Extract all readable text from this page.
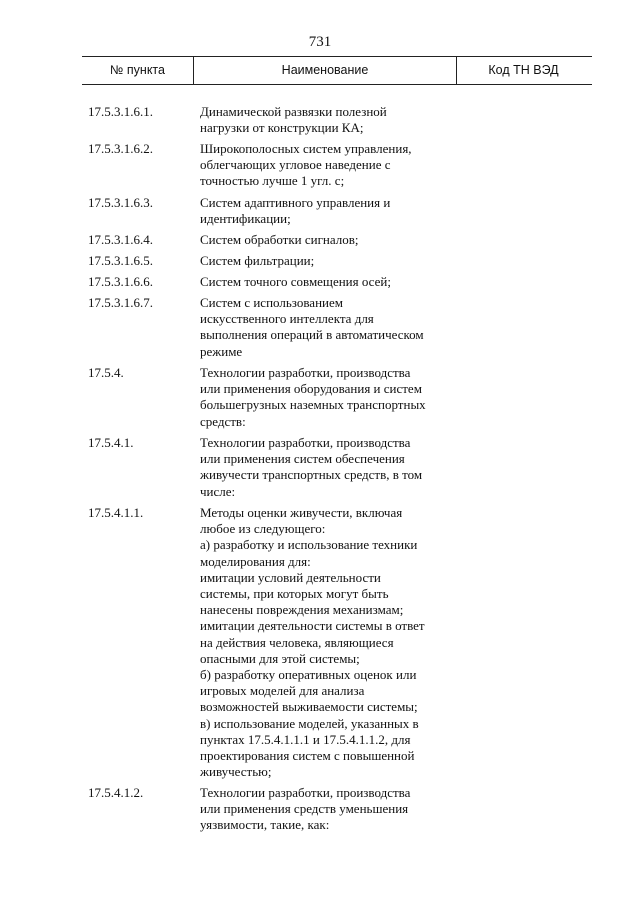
731
№ пункта	Наименование	Код ТН ВЭД
17.5.3.1.6.1.	Динамической развязки полезной
нагрузки от конструкции КА;
17.5.3.1.6.2.	Широкополосных систем управления,
облегчающих угловое наведение с
точностью лучше 1 угл. с;
17.5.3.1.6.3.	Систем адаптивного управления и
идентификации;
17.5.3.1.6.4.	Систем обработки сигналов;
17.5.3.1.6.5.	Систем фильтрации;
17.5.3.1.6.6.	Систем точного совмещения осей;
17.5.3.1.6.7.	Систем с использованием
искусственного интеллекта для
выполнения операций в автоматическом
режиме
17.5.4.	Технологии разработки, производства
или применения оборудования и систем
большегрузных наземных транспортных
средств:
17.5.4.1.	Технологии разработки, производства
или применения систем обеспечения
живучести транспортных средств, в том
числе:
17.5.4.1.1.	Методы оценки живучести, включая
любое из следующего:
а) разработку и использование техники
моделирования для:
имитации условий деятельности
системы, при которых могут быть
нанесены повреждения механизмам;
имитации деятельности системы в ответ
на действия человека, являющиеся
опасными для этой системы;
б) разработку оперативных оценок или
игровых моделей для анализа
возможностей выживаемости системы;
в) использование моделей, указанных в
пунктах 17.5.4.1.1.1 и 17.5.4.1.1.2, для
проектирования систем с повышенной
живучестью;
17.5.4.1.2.	Технологии разработки, производства
или применения средств уменьшения
уязвимости, такие, как:
